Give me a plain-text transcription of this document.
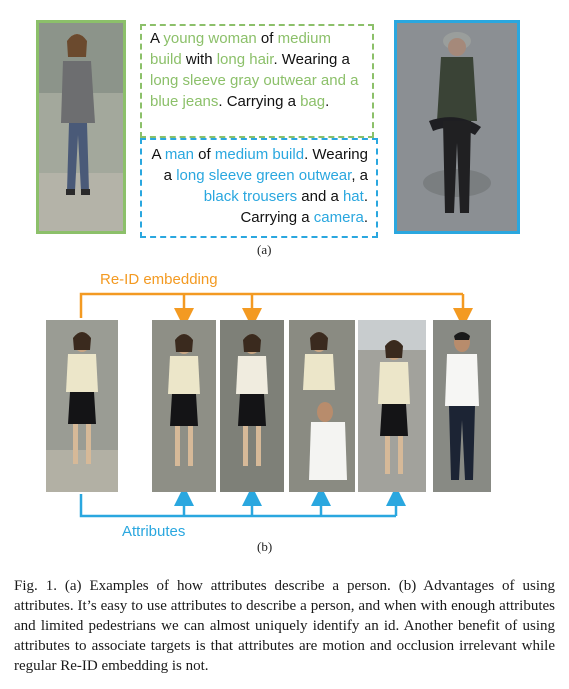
A young woman of medium build with long hair. Wearing a long sleeve gray outwear and a blue jeans. Carrying a bag.
A man of medium build. Wearing a long sleeve green outwear, a black trousers and a hat. Carrying a camera.
(a)
Re-ID embedding
Attributes
(b)
Fig. 1. (a) Examples of how attributes describe a person. (b) Advantages of using attributes. It’s easy to use attributes to describe a person, and when with enough attributes and limited pedestrians we can almost uniquely identify an id. Another benefit of using attributes to associate targets is that attributes are motion and occlusion irrelevant while regular Re-ID embedding is not.
